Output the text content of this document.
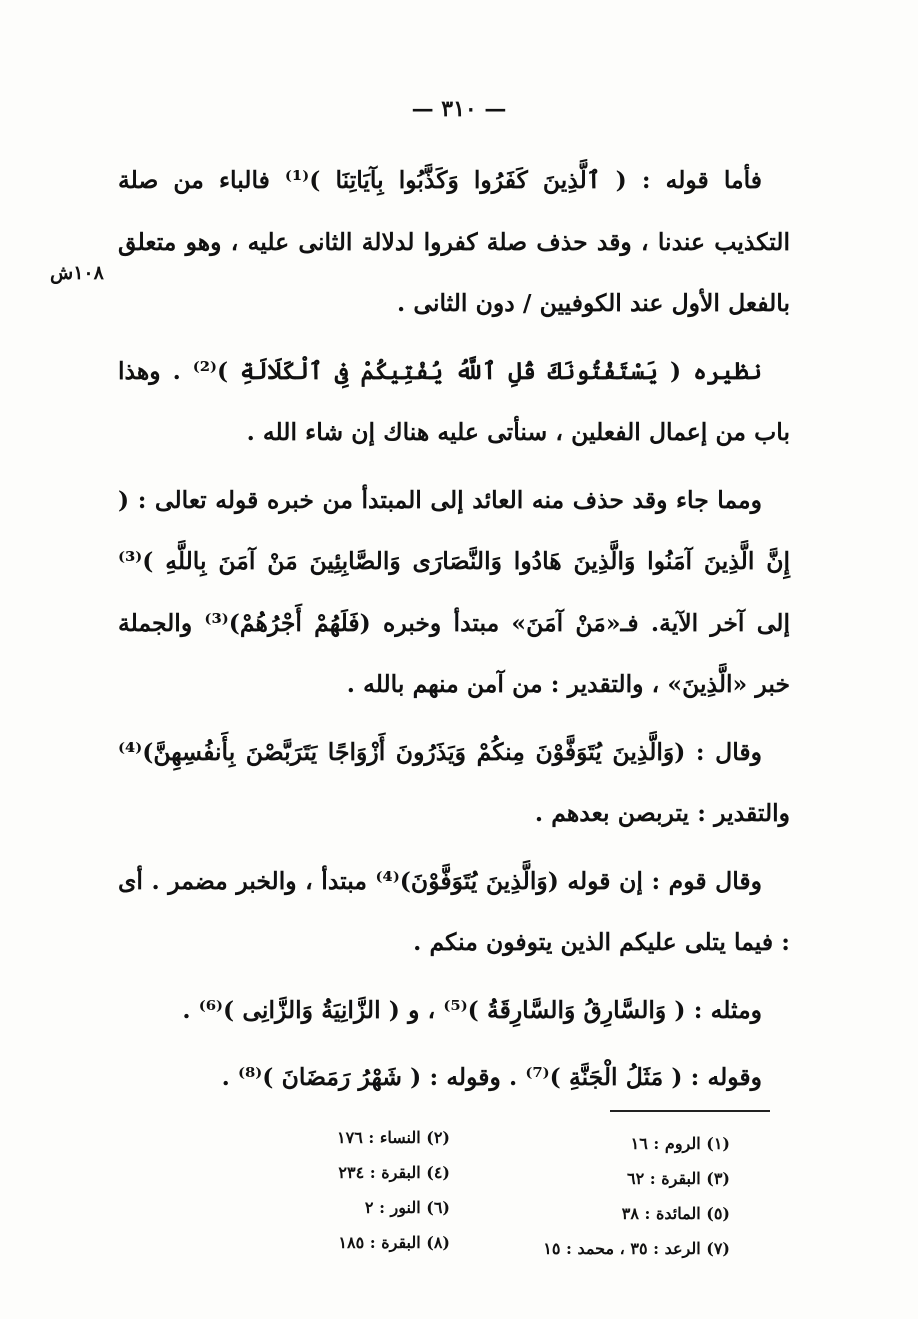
— ٣١٠ —
١٠٨ش

فأما قوله : ( ٱلَّذِينَ كَفَرُوا وَكَذَّبُوا بِآيَاتِنَا )⁽¹⁾ فالباء من صلة التكذيب عندنا ، وقد حذف صلة كفروا لدلالة الثانى عليه ، وهو متعلق بالفعل الأول عند الكوفيين / دون الثانى .

نظيره ( يَسْتَفْتُونَكَ قُلِ ٱللَّهُ يُفْتِيكُمْ فِى ٱلْكَلَالَةِ )⁽²⁾ . وهذا باب من إعمال الفعلين ، سنأتى عليه هناك إن شاء الله .

ومما جاء وقد حذف منه العائد إلى المبتدأ من خبره قوله تعالى : ( إِنَّ الَّذِينَ آمَنُوا وَالَّذِينَ هَادُوا وَالنَّصَارَى وَالصَّابِئِينَ مَنْ آمَنَ بِاللَّهِ )⁽³⁾ إلى آخر الآية. فـ«مَنْ آمَنَ» مبتدأ وخبره (فَلَهُمْ أَجْرُهُمْ)⁽³⁾ والجملة خبر «الَّذِينَ» ، والتقدير : من آمن منهم بالله .

وقال : (وَالَّذِينَ يُتَوَفَّوْنَ مِنكُمْ وَيَذَرُونَ أَزْوَاجًا يَتَرَبَّصْنَ بِأَنفُسِهِنَّ)⁽⁴⁾ والتقدير : يتربصن بعدهم .

وقال قوم : إن قوله (وَالَّذِينَ يُتَوَفَّوْنَ)⁽⁴⁾ مبتدأ ، والخبر مضمر . أى : فيما يتلى عليكم الذين يتوفون منكم .

ومثله : ( وَالسَّارِقُ وَالسَّارِقَةُ )⁽⁵⁾ ، و ( الزَّانِيَةُ وَالزَّانِى )⁽⁶⁾ .

وقوله : ( مَثَلُ الْجَنَّةِ )⁽⁷⁾ . وقوله : ( شَهْرُ رَمَضَانَ )⁽⁸⁾ .

(١) الروم : ١٦
(٣) البقرة : ٦٢
(٥) المائدة : ٣٨
(٧) الرعد : ٣٥ ، محمد : ١٥
(٢) النساء : ١٧٦
(٤) البقرة : ٢٣٤
(٦) النور : ٢
(٨) البقرة : ١٨٥
